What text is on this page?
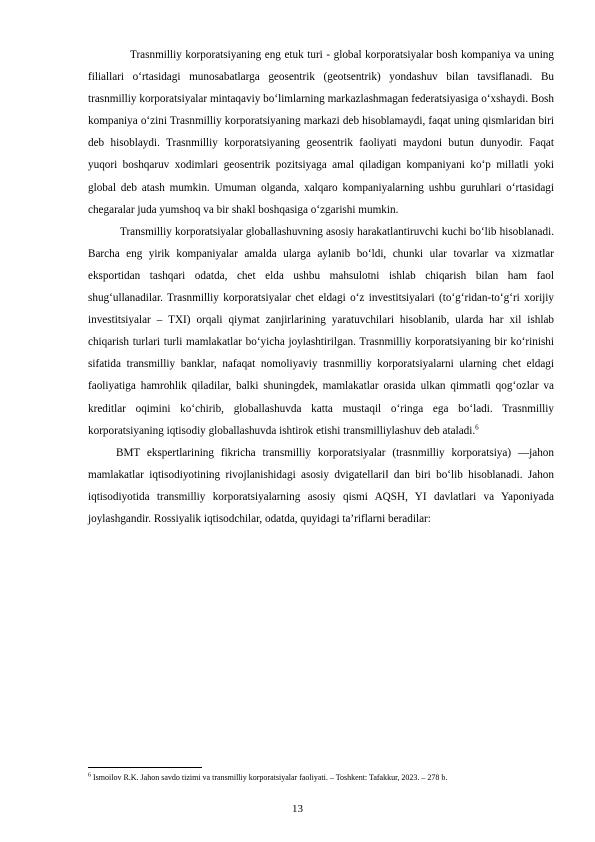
Trasnmilliy korporatsiyaning eng etuk turi - global korporatsiyalar bosh kompaniya va uning filiallari o‘rtasidagi munosabatlarga geosentrik (geotsentrik) yondashuv bilan tavsiflanadi. Bu trasnmilliy korporatsiyalar mintaqaviy bo‘limlarning markazlashmagan federatsiyasiga o‘xshaydi. Bosh kompaniya o‘zini Trasnmilliy korporatsiyaning markazi deb hisoblamaydi, faqat uning qismlaridan biri deb hisoblaydi. Trasnmilliy korporatsiyaning geosentrik faoliyati maydoni butun dunyodir. Faqat yuqori boshqaruv xodimlari geosentrik pozitsiyaga amal qiladigan kompaniyani ko‘p millatli yoki global deb atash mumkin. Umuman olganda, xalqaro kompaniyalarning ushbu guruhlari o‘rtasidagi chegaralar juda yumshoq va bir shakl boshqasiga o‘zgarishi mumkin.

Transmilliy korporatsiyalar globallashuvning asosiy harakatlantiruvchi kuchi bo‘lib hisoblanadi. Barcha eng yirik kompaniyalar amalda ularga aylanib bo‘ldi, chunki ular tovarlar va xizmatlar eksportidan tashqari odatda, chet elda ushbu mahsulotni ishlab chiqarish bilan ham faol shug‘ullanadilar. Trasnmilliy korporatsiyalar chet eldagi o‘z investitsiyalari (to‘g‘ridan-to‘g‘ri xorijiy investitsiyalar – TXI) orqali qiymat zanjirlarining yaratuvchilari hisoblanib, ularda har xil ishlab chiqarish turlari turli mamlakatlar bo‘yicha joylashtirilgan. Trasnmilliy korporatsiyaning bir ko‘rinishi sifatida transmilliy banklar, nafaqat nomoliyaviy trasnmilliy korporatsiyalarni ularning chet eldagi faoliyatiga hamrohlik qiladilar, balki shuningdek, mamlakatlar orasida ulkan qimmatli qog‘ozlar va kreditlar oqimini ko‘chirib, globallashuvda katta mustaqil o‘ringa ega bo‘ladi. Trasnmilliy korporatsiyaning iqtisodiy globallashuvda ishtirok etishi transmilliylashuv deb ataladi.$^6$

BMT ekspertlarining fikricha transmilliy korporatsiyalar (trasnmilliy korporatsiya) ―jahon mamlakatlar iqtisodiyotining rivojlanishidagi asosiy dvigatellari‖ dan biri bo‘lib hisoblanadi. Jahon iqtisodiyotida transmilliy korporatsiyalarning asosiy qismi AQSH, YI davlatlari va Yaponiyada joylashgandir. Rossiyalik iqtisodchilar, odatda, quyidagi ta’riflarni beradilar:

$^6$ Ismoilov R.K. Jahon savdo tizimi va transmilliy korporatsiyalar faoliyati. – Toshkent: Tafakkur, 2023. – 278 b.
13
